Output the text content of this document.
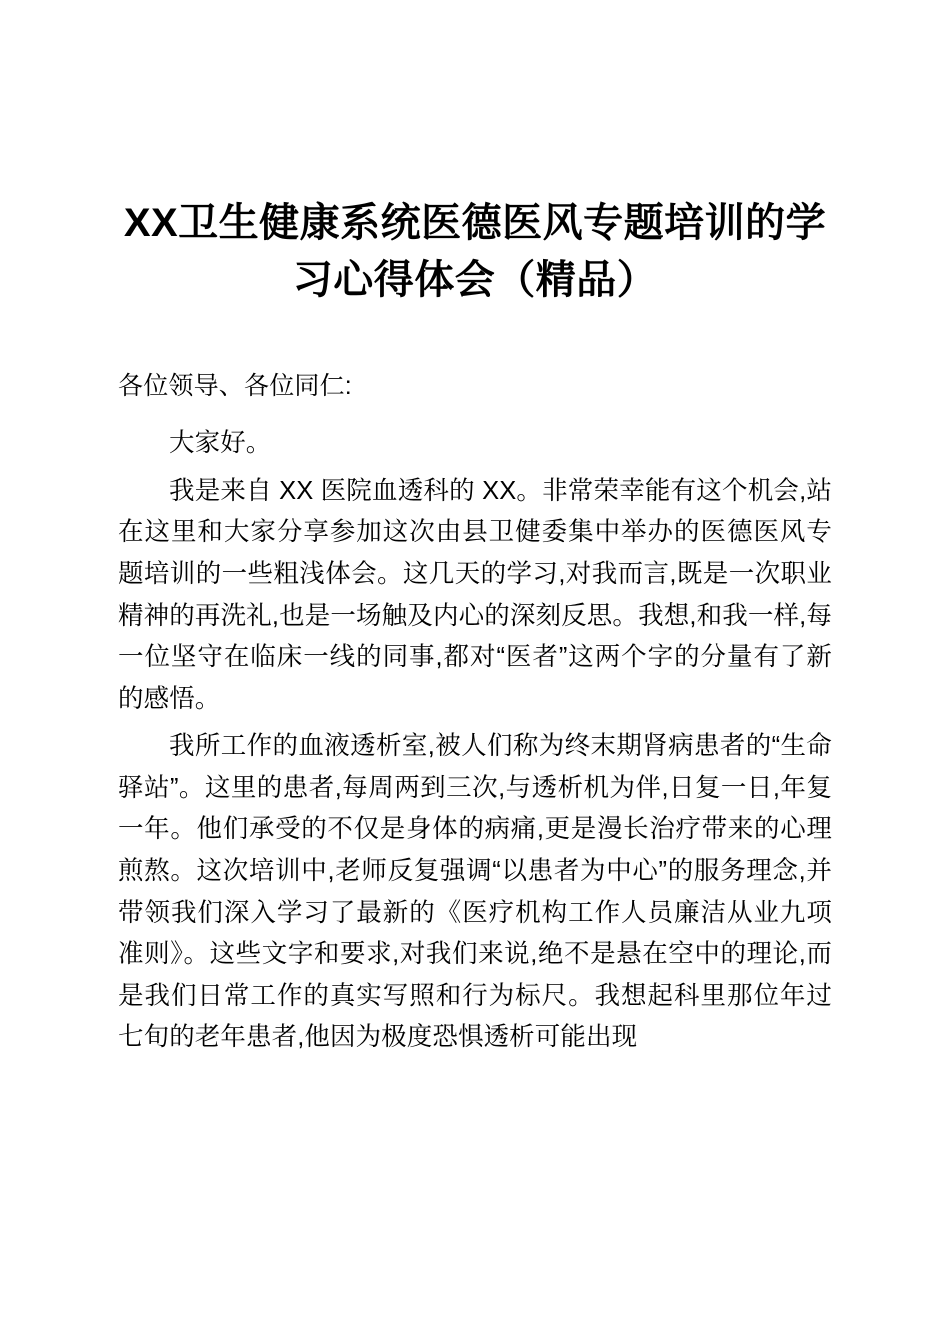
XX卫生健康系统医德医风专题培训的学习心得体会（精品）

各位领导、各位同仁:

大家好。

我是来自 XX 医院血透科的 XX。非常荣幸能有这个机会,站在这里和大家分享参加这次由县卫健委集中举办的医德医风专题培训的一些粗浅体会。这几天的学习,对我而言,既是一次职业精神的再洗礼,也是一场触及内心的深刻反思。我想,和我一样,每一位坚守在临床一线的同事,都对“医者”这两个字的分量有了新的感悟。

我所工作的血液透析室,被人们称为终末期肾病患者的“生命驿站”。这里的患者,每周两到三次,与透析机为伴,日复一日,年复一年。他们承受的不仅是身体的病痛,更是漫长治疗带来的心理煎熬。这次培训中,老师反复强调“以患者为中心”的服务理念,并带领我们深入学习了最新的《医疗机构工作人员廉洁从业九项准则》。这些文字和要求,对我们来说,绝不是悬在空中的理论,而是我们日常工作的真实写照和行为标尺。我想起科里那位年过七旬的老年患者,他因为极度恐惧透析可能出现
